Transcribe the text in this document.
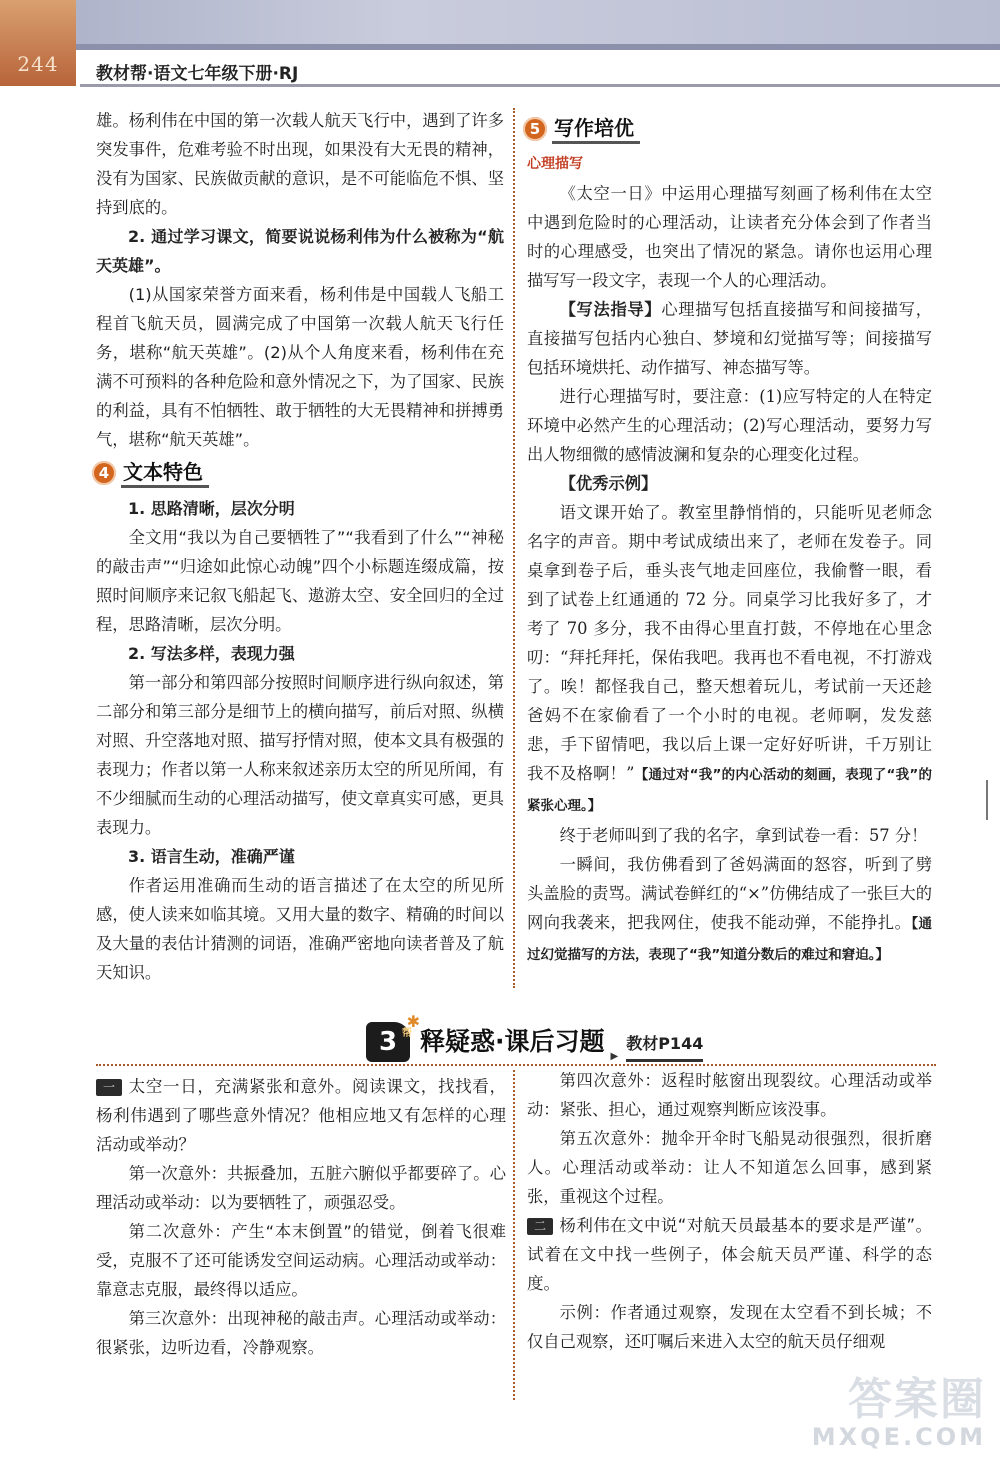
244	教材帮·语文七年级下册·RJ

雄。杨利伟在中国的第一次载人航天飞行中，遇到了许多突发事件，危难考验不时出现，如果没有大无畏的精神，没有为国家、民族做贡献的意识，是不可能临危不惧、坚持到底的。

2. 通过学习课文，简要说说杨利伟为什么被称为“航天英雄”。

(1)从国家荣誉方面来看，杨利伟是中国载人飞船工程首飞航天员，圆满完成了中国第一次载人航天飞行任务，堪称“航天英雄”。(2)从个人角度来看，杨利伟在充满不可预料的各种危险和意外情况之下，为了国家、民族的利益，具有不怕牺牲、敢于牺牲的大无畏精神和拼搏勇气，堪称“航天英雄”。

4 文本特色

1. 思路清晰，层次分明

全文用“我以为自己要牺牲了”“我看到了什么”“神秘的敲击声”“归途如此惊心动魄”四个小标题连缀成篇，按照时间顺序来记叙飞船起飞、遨游太空、安全回归的全过程，思路清晰，层次分明。

2. 写法多样，表现力强

第一部分和第四部分按照时间顺序进行纵向叙述，第二部分和第三部分是细节上的横向描写，前后对照、纵横对照、升空落地对照、描写抒情对照，使本文具有极强的表现力；作者以第一人称来叙述亲历太空的所见所闻，有不少细腻而生动的心理活动描写，使文章真实可感，更具表现力。

3. 语言生动，准确严谨

作者运用准确而生动的语言描述了在太空的所见所感，使人读来如临其境。又用大量的数字、精确的时间以及大量的表估计猜测的词语，准确严密地向读者普及了航天知识。

5 写作培优

心理描写

《太空一日》中运用心理描写刻画了杨利伟在太空中遇到危险时的心理活动，让读者充分体会到了作者当时的心理感受，也突出了情况的紧急。请你也运用心理描写写一段文字，表现一个人的心理活动。

【写法指导】心理描写包括直接描写和间接描写，直接描写包括内心独白、梦境和幻觉描写等；间接描写包括环境烘托、动作描写、神态描写等。

进行心理描写时，要注意：(1)应写特定的人在特定环境中必然产生的心理活动；(2)写心理活动，要努力写出人物细微的感情波澜和复杂的心理变化过程。

【优秀示例】

语文课开始了。教室里静悄悄的，只能听见老师念名字的声音。期中考试成绩出来了，老师在发卷子。同桌拿到卷子后，垂头丧气地走回座位，我偷瞥一眼，看到了试卷上红通通的 72 分。同桌学习比我好多了，才考了 70 多分，我不由得心里直打鼓，不停地在心里念叨：“拜托拜托，保佑我吧。我再也不看电视，不打游戏了。唉！都怪我自己，整天想着玩儿，考试前一天还趁爸妈不在家偷看了一个小时的电视。老师啊，发发慈悲，手下留情吧，我以后上课一定好好听讲，千万别让我不及格啊！”【通过对“我”的内心活动的刻画，表现了“我”的紧张心理。】

终于老师叫到了我的名字，拿到试卷一看：57 分！

一瞬间，我仿佛看到了爸妈满面的怒容，听到了劈头盖脸的责骂。满试卷鲜红的“×”仿佛结成了一张巨大的网向我袭来，把我网住，使我不能动弹，不能挣扎。【通过幻觉描写的方法，表现了“我”知道分数后的难过和窘迫。】

3 帮
✱
释疑惑·课后习题
▶
教材P144

一 太空一日，充满紧张和意外。阅读课文，找找看，杨利伟遇到了哪些意外情况？他相应地又有怎样的心理活动或举动？

第一次意外：共振叠加，五脏六腑似乎都要碎了。心理活动或举动：以为要牺牲了，顽强忍受。

第二次意外：产生“本末倒置”的错觉，倒着飞很难受，克服不了还可能诱发空间运动病。心理活动或举动：靠意志克服，最终得以适应。

第三次意外：出现神秘的敲击声。心理活动或举动：很紧张，边听边看，冷静观察。

第四次意外：返程时舷窗出现裂纹。心理活动或举动：紧张、担心，通过观察判断应该没事。

第五次意外：抛伞开伞时飞船晃动很强烈，很折磨人。心理活动或举动：让人不知道怎么回事，感到紧张，重视这个过程。

二 杨利伟在文中说“对航天员最基本的要求是严谨”。试着在文中找一些例子，体会航天员严谨、科学的态度。

示例：作者通过观察，发现在太空看不到长城；不仅自己观察，还叮嘱后来进入太空的航天员仔细观

答案圈
MXQE.COM
